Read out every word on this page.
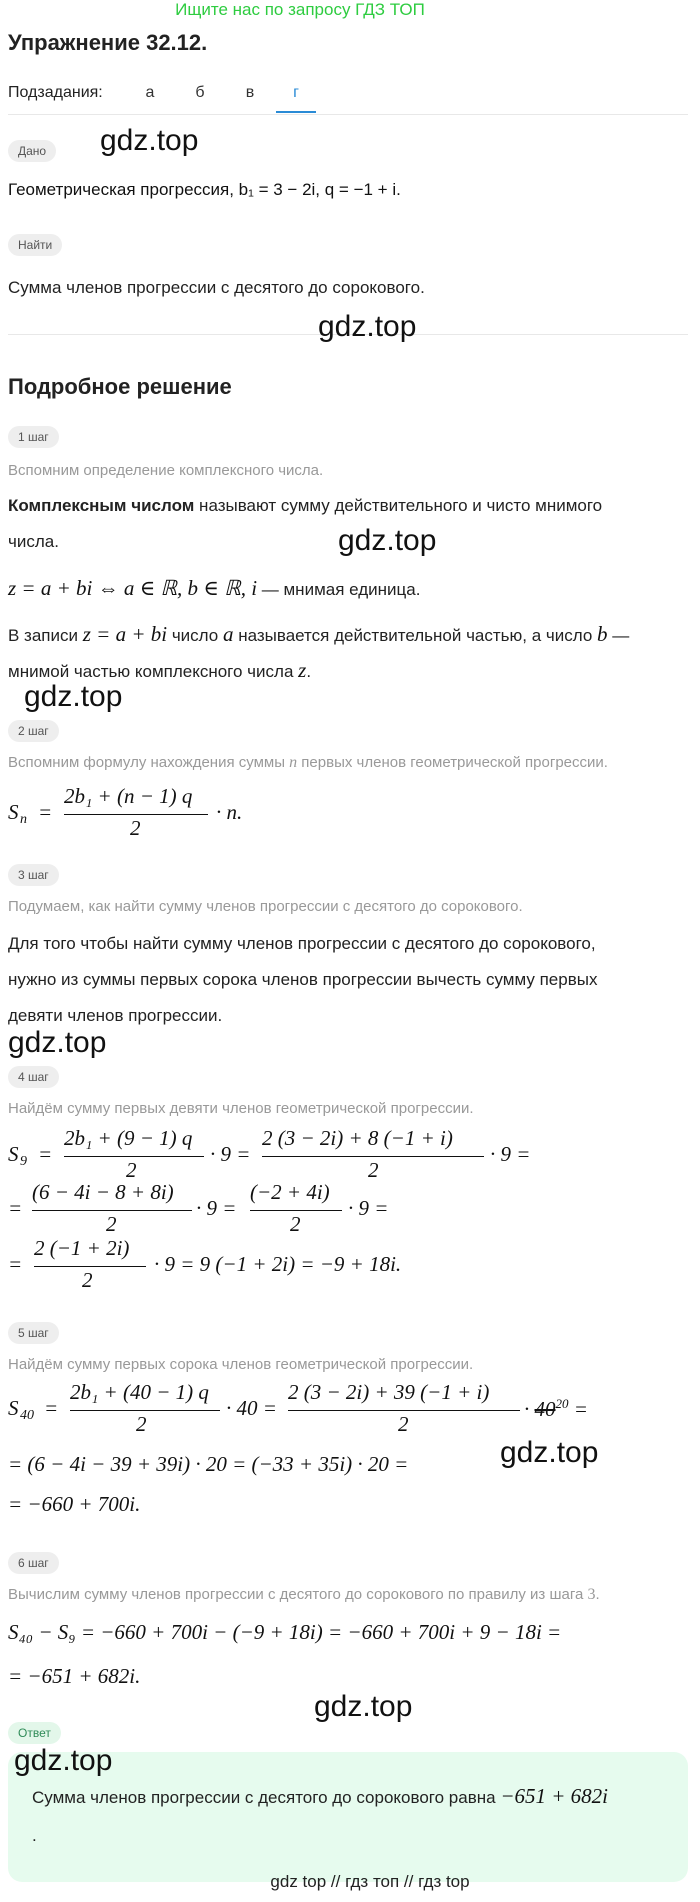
Ищите нас по запросу ГДЗ ТОП
Упражнение 32.12.
Подзадания:	а	б	в	г
Дано	gdz.top
Геометрическая прогрессия, b₁ = 3 − 2i, q = −1 + i.
Найти
Сумма членов прогрессии с десятого до сорокового.
gdz.top
Подробное решение
1 шаг
Вспомним определение комплексного числа.
Комплексным числом называют сумму действительного и чисто мнимого
числа.	gdz.top
z = a + bi ⇔ a ∈ ℝ, b ∈ ℝ, i — мнимая единица.
В записи z = a + bi число a называется действительной частью, а число b —
мнимой частью комплексного числа z.
gdz.top
2 шаг
Вспомним формулу нахождения суммы n первых членов геометрической прогрессии.
S n =
2b₁ + (n − 1) q
2
· n.
3 шаг
Подумаем, как найти сумму членов прогрессии с десятого до сорокового.
Для того чтобы найти сумму членов прогрессии с десятого до сорокового,
нужно из суммы первых сорока членов прогрессии вычесть сумму первых
девяти членов прогрессии.
gdz.top
4 шаг
Найдём сумму первых девяти членов геометрической прогрессии.
S 9 =
2b₁ + (9 − 1) q
2
· 9 =
2 (3 − 2i) + 8 (−1 + i)
2
· 9 =
=
(6 − 4i − 8 + 8i)
2
· 9 =
(−2 + 4i)
2
· 9 =
=
2 (−1 + 2i)
2
· 9 = 9 (−1 + 2i) = −9 + 18i.
5 шаг
Найдём сумму первых сорока членов геометрической прогрессии.
S 40 =
2b₁ + (40 − 1) q
2
· 40 =
2 (3 − 2i) + 39 (−1 + i)
2
· $40^{20}$ =
= (6 − 4i − 39 + 39i) · 20 = (−33 + 35i) · 20 =
= −660 + 700i.
gdz.top
6 шаг
Вычислим сумму членов прогрессии с десятого до сорокового по правилу из шага 3.
S₄₀ − S₉ = −660 + 700i − (−9 + 18i) = −660 + 700i + 9 − 18i =
= −651 + 682i.
gdz.top
Ответ
gdz.top
Сумма членов прогрессии с десятого до сорокового равна −651 + 682i
.
gdz top // гдз топ // гдз top
